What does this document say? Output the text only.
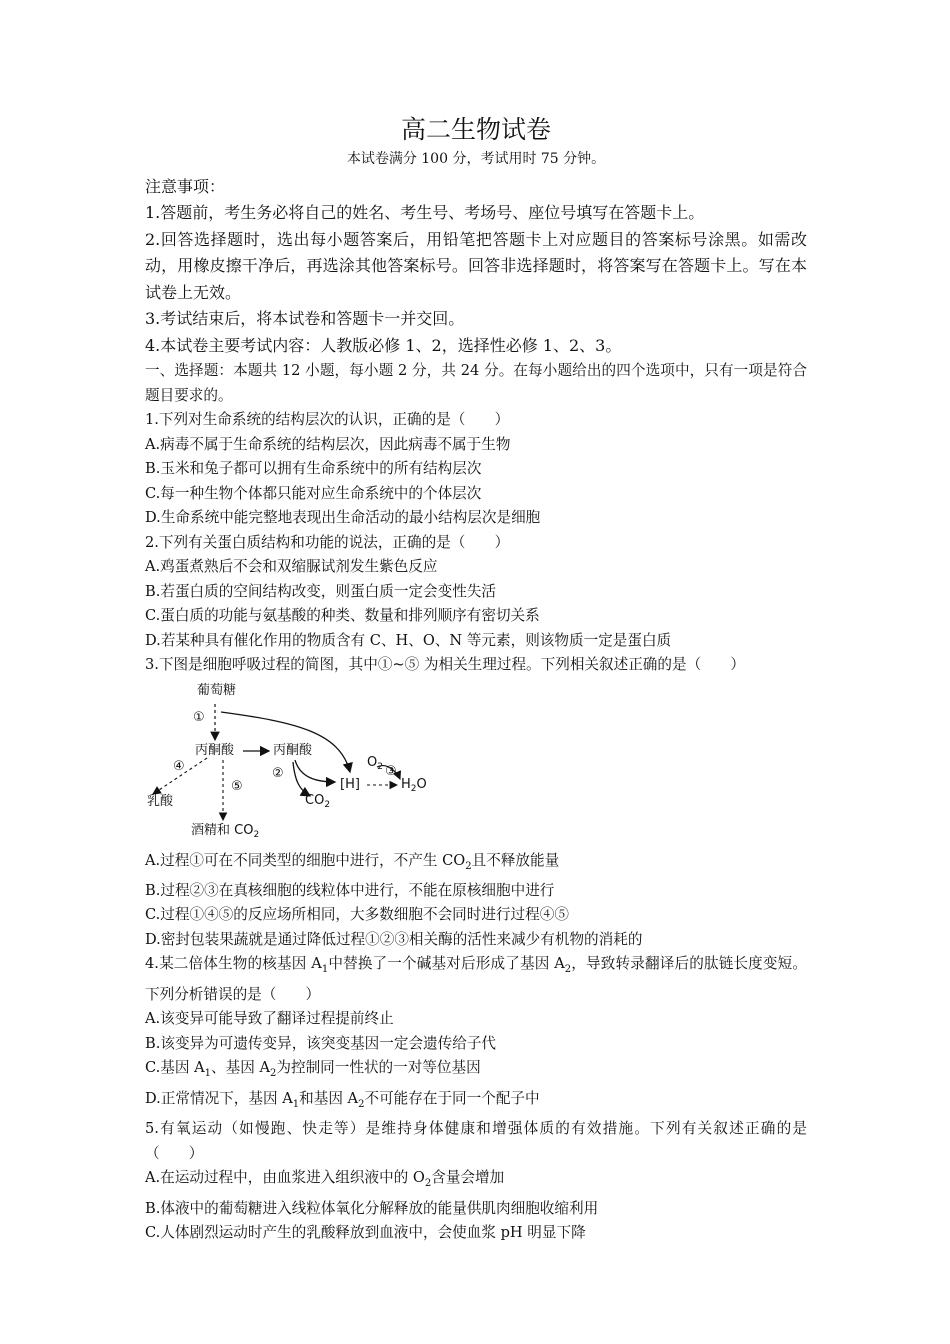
高二生物试卷

本试卷满分 100 分，考试用时 75 分钟。

注意事项：

1.答题前，考生务必将自己的姓名、考生号、考场号、座位号填写在答题卡上。

2.回答选择题时，选出每小题答案后，用铅笔把答题卡上对应题目的答案标号涂黑。如需改动，用橡皮擦干净后，再选涂其他答案标号。回答非选择题时，将答案写在答题卡上。写在本试卷上无效。

3.考试结束后，将本试卷和答题卡一并交回。

4.本试卷主要考试内容：人教版必修 1、2，选择性必修 1、2、3。

一、选择题：本题共 12 小题，每小题 2 分，共 24 分。在每小题给出的四个选项中，只有一项是符合题目要求的。

1.下列对生命系统的结构层次的认识，正确的是（　　）

A.病毒不属于生命系统的结构层次，因此病毒不属于生物

B.玉米和兔子都可以拥有生命系统中的所有结构层次

C.每一种生物个体都只能对应生命系统中的个体层次

D.生命系统中能完整地表现出生命活动的最小结构层次是细胞

2.下列有关蛋白质结构和功能的说法，正确的是（　　）

A.鸡蛋煮熟后不会和双缩脲试剂发生紫色反应

B.若蛋白质的空间结构改变，则蛋白质一定会变性失活

C.蛋白质的功能与氨基酸的种类、数量和排列顺序有密切关系

D.若某种具有催化作用的物质含有 C、H、O、N 等元素，则该物质一定是蛋白质

3.下图是细胞呼吸过程的简图，其中①~⑤ 为相关生理过程。下列相关叙述正确的是（　　）

葡萄糖
①
丙酮酸	丙酮酸
②	③
④
⑤
乳酸
酒精和 $CO_2$
$CO_2$
[H]
$O_2$
$H_2O$

A.过程①可在不同类型的细胞中进行，不产生 $CO_2$且不释放能量

B.过程②③在真核细胞的线粒体中进行，不能在原核细胞中进行

C.过程①④⑤的反应场所相同，大多数细胞不会同时进行过程④⑤

D.密封包装果蔬就是通过降低过程①②③相关酶的活性来减少有机物的消耗的

4.某二倍体生物的核基因 $A_1$中替换了一个碱基对后形成了基因 $A_2$，导致转录翻译后的肽链长度变短。下列分析错误的是（　　）

A.该变异可能导致了翻译过程提前终止

B.该变异为可遗传变异，该突变基因一定会遗传给子代

C.基因 $A_1$、基因 $A_2$为控制同一性状的一对等位基因

D.正常情况下，基因 $A_1$和基因 $A_2$不可能存在于同一个配子中

5.有氧运动（如慢跑、快走等）是维持身体健康和增强体质的有效措施。下列有关叙述正确的是（　　）

A.在运动过程中，由血浆进入组织液中的 $O_2$含量会增加

B.体液中的葡萄糖进入线粒体氧化分解释放的能量供肌肉细胞收缩利用

C.人体剧烈运动时产生的乳酸释放到血液中，会使血浆 pH 明显下降
